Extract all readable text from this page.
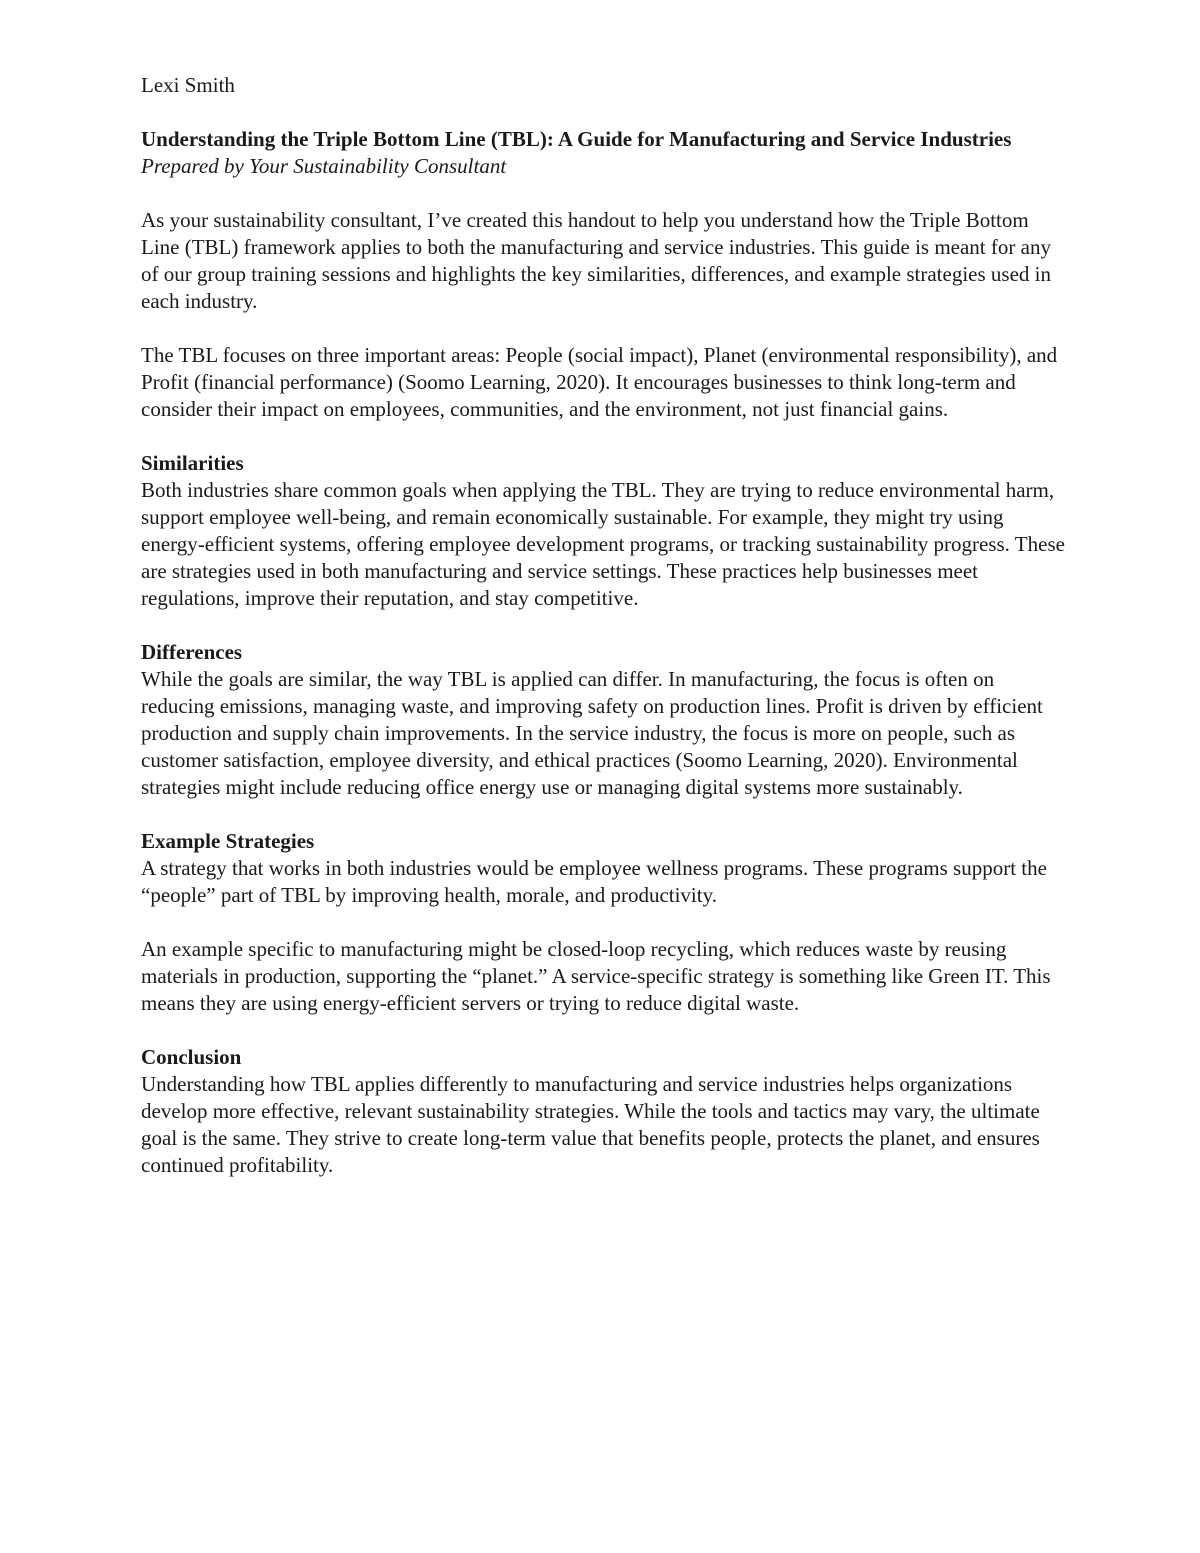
Lexi Smith

Understanding the Triple Bottom Line (TBL): A Guide for Manufacturing and Service Industries

Prepared by Your Sustainability Consultant

As your sustainability consultant, I’ve created this handout to help you understand how the Triple Bottom Line (TBL) framework applies to both the manufacturing and service industries. This guide is meant for any of our group training sessions and highlights the key similarities, differences, and example strategies used in each industry.

The TBL focuses on three important areas: People (social impact), Planet (environmental responsibility), and Profit (financial performance) (Soomo Learning, 2020). It encourages businesses to think long-term and consider their impact on employees, communities, and the environment, not just financial gains.

Similarities

Both industries share common goals when applying the TBL. They are trying to reduce environmental harm, support employee well-being, and remain economically sustainable. For example, they might try using energy-efficient systems, offering employee development programs, or tracking sustainability progress. These are strategies used in both manufacturing and service settings. These practices help businesses meet regulations, improve their reputation, and stay competitive.

Differences

While the goals are similar, the way TBL is applied can differ. In manufacturing, the focus is often on reducing emissions, managing waste, and improving safety on production lines. Profit is driven by efficient production and supply chain improvements. In the service industry, the focus is more on people, such as customer satisfaction, employee diversity, and ethical practices (Soomo Learning, 2020). Environmental strategies might include reducing office energy use or managing digital systems more sustainably.

Example Strategies

A strategy that works in both industries would be employee wellness programs. These programs support the “people” part of TBL by improving health, morale, and productivity.

An example specific to manufacturing might be closed-loop recycling, which reduces waste by reusing materials in production, supporting the “planet.” A service-specific strategy is something like Green IT. This means they are using energy-efficient servers or trying to reduce digital waste.

Conclusion

Understanding how TBL applies differently to manufacturing and service industries helps organizations develop more effective, relevant sustainability strategies. While the tools and tactics may vary, the ultimate goal is the same. They strive to create long-term value that benefits people, protects the planet, and ensures continued profitability.
